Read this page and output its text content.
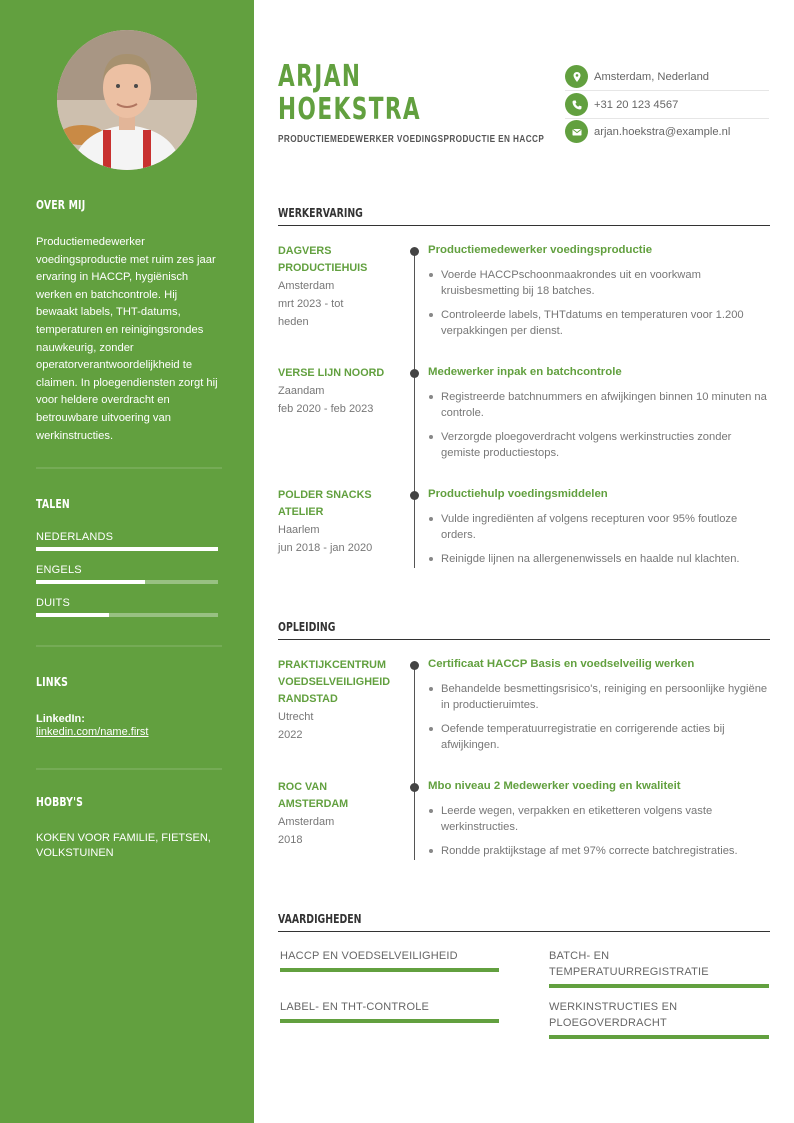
OVER MIJ
Productiemedewerker voedingsproductie met ruim zes jaar ervaring in HACCP, hygiënisch werken en batchcontrole. Hij bewaakt labels, THT-datums, temperaturen en reinigingsrondes nauwkeurig, zonder operatorverantwoordelijkheid te claimen. In ploegendiensten zorgt hij voor heldere overdracht en betrouwbare uitvoering van werkinstructies.
TALEN
NEDERLANDS
ENGELS
DUITS
LINKS
LinkedIn:
linkedin.com/name.first
HOBBY'S
KOKEN VOOR FAMILIE, FIETSEN, VOLKSTUINEN
ARJAN
HOEKSTRA
PRODUCTIEMEDEWERKER VOEDINGSPRODUCTIE EN HACCP
Amsterdam, Nederland
+31 20 123 4567
arjan.hoekstra@example.nl
WERKERVARING
DAGVERS PRODUCTIEHUIS
Amsterdam
mrt 2023 - tot heden
Productiemedewerker voedingsproductie
Voerde HACCPschoonmaakrondes uit en voorkwam kruisbesmetting bij 18 batches.
Controleerde labels, THTdatums en temperaturen voor 1.200 verpakkingen per dienst.
VERSE LIJN NOORD
Zaandam
feb 2020 - feb 2023
Medewerker inpak en batchcontrole
Registreerde batchnummers en afwijkingen binnen 10 minuten na controle.
Verzorgde ploegoverdracht volgens werkinstructies zonder gemiste productiestops.
POLDER SNACKS ATELIER
Haarlem
jun 2018 - jan 2020
Productiehulp voedingsmiddelen
Vulde ingrediënten af volgens recepturen voor 95% foutloze orders.
Reinigde lijnen na allergenenwissels en haalde nul klachten.
OPLEIDING
PRAKTIJKCENTRUM VOEDSELVEILIGHEID RANDSTAD
Utrecht
2022
Certificaat HACCP Basis en voedselveilig werken
Behandelde besmettingsrisico's, reiniging en persoonlijke hygiëne in productieruimtes.
Oefende temperatuurregistratie en corrigerende acties bij afwijkingen.
ROC VAN AMSTERDAM
Amsterdam
2018
Mbo niveau 2 Medewerker voeding en kwaliteit
Leerde wegen, verpakken en etiketteren volgens vaste werkinstructies.
Rondde praktijkstage af met 97% correcte batchregistraties.
VAARDIGHEDEN
HACCP EN VOEDSELVEILIGHEID	BATCH- EN TEMPERATUURREGISTRATIE
LABEL- EN THT-CONTROLE	WERKINSTRUCTIES EN PLOEGOVERDRACHT
